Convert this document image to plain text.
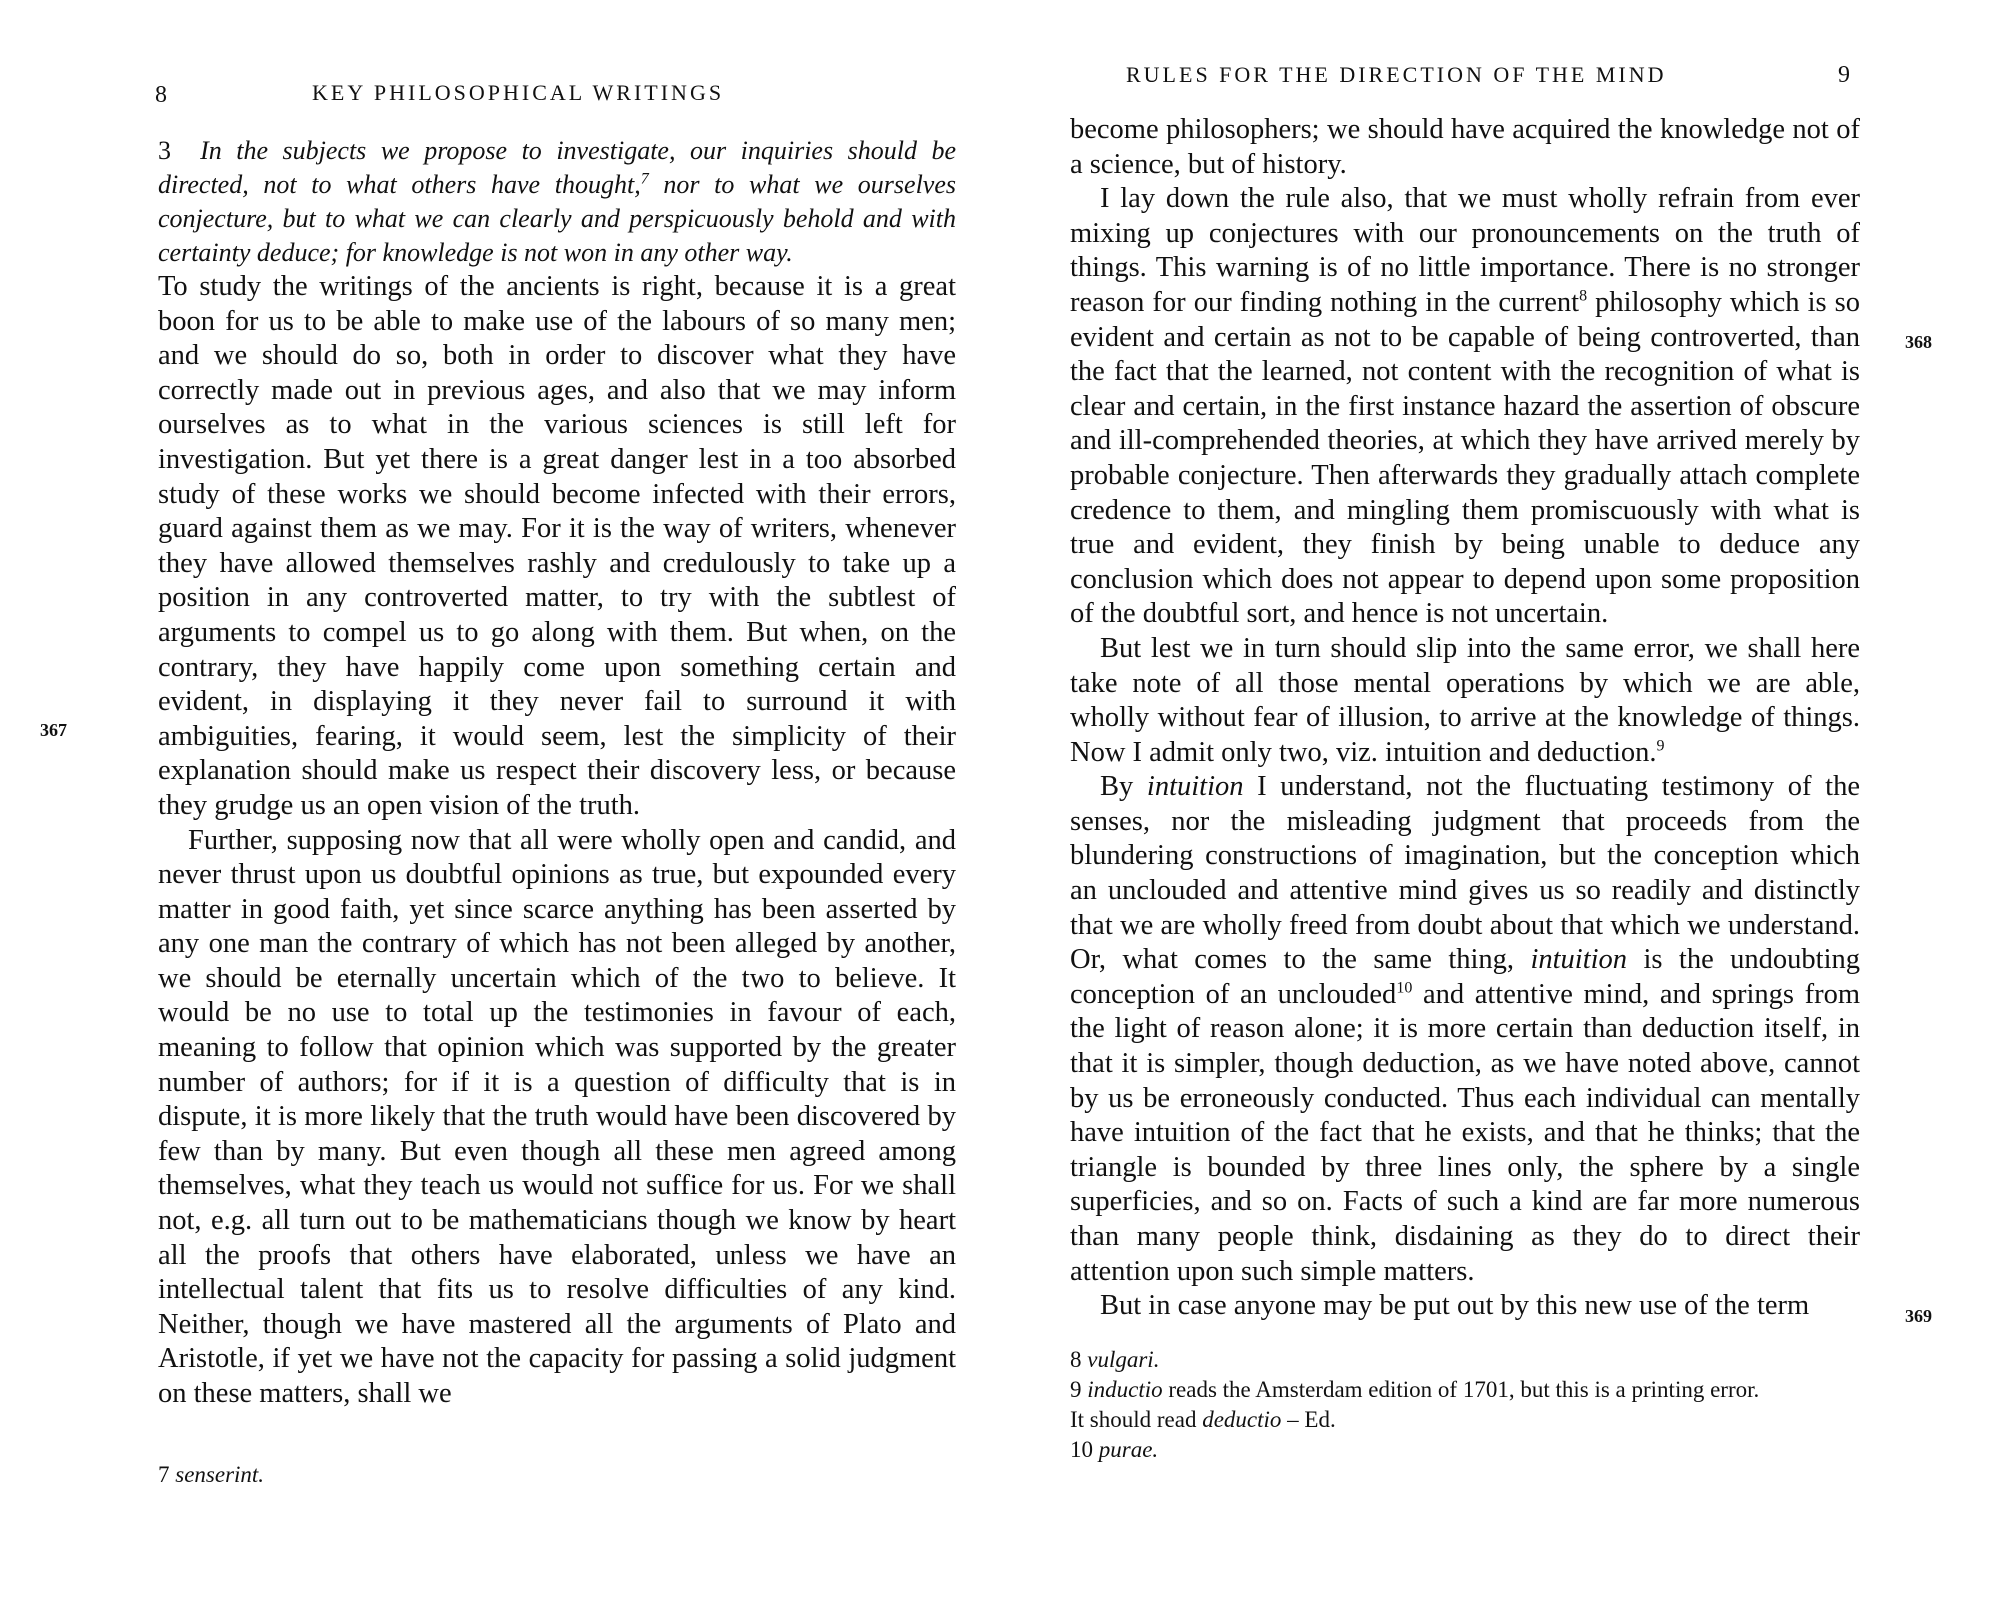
8	KEY PHILOSOPHICAL WRITINGS

3 In the subjects we propose to investigate, our inquiries should be directed, not to what others have thought,$^7$ nor to what we ourselves conjecture, but to what we can clearly and perspicuously behold and with certainty deduce; for knowledge is not won in any other way.

To study the writings of the ancients is right, because it is a great boon for us to be able to make use of the labours of so many men; and we should do so, both in order to discover what they have correctly made out in previous ages, and also that we may inform ourselves as to what in the various sciences is still left for investigation. But yet there is a great danger lest in a too absorbed study of these works we should become infected with their errors, guard against them as we may. For it is the way of writers, whenever they have allowed themselves rashly and credulously to take up a position in any controverted matter, to try with the subtlest of arguments to compel us to go along with them. But when, on the contrary, they have happily come upon something certain and evident, in displaying it they never fail to surround it with ambiguities, fearing, it would seem, lest the simplicity of their explanation should make us respect their discovery less, or because they grudge us an open vision of the truth.

Further, supposing now that all were wholly open and candid, and never thrust upon us doubtful opinions as true, but expounded every matter in good faith, yet since scarce anything has been asserted by any one man the contrary of which has not been alleged by another, we should be eternally uncertain which of the two to believe. It would be no use to total up the testimonies in favour of each, meaning to follow that opinion which was supported by the greater number of authors; for if it is a question of difficulty that is in dispute, it is more likely that the truth would have been discovered by few than by many. But even though all these men agreed among themselves, what they teach us would not suffice for us. For we shall not, e.g. all turn out to be mathematicians though we know by heart all the proofs that others have elaborated, unless we have an intellectual talent that fits us to resolve difficulties of any kind. Neither, though we have mastered all the arguments of Plato and Aristotle, if yet we have not the capacity for passing a solid judgment on these matters, shall we

367
7 senserint.
RULES FOR THE DIRECTION OF THE MIND	9

become philosophers; we should have acquired the knowledge not of a science, but of history.

I lay down the rule also, that we must wholly refrain from ever mixing up conjectures with our pronouncements on the truth of things. This warning is of no little importance. There is no stronger reason for our finding nothing in the current$^8$ philosophy which is so evident and certain as not to be capable of being controverted, than the fact that the learned, not content with the recognition of what is clear and certain, in the first instance hazard the assertion of obscure and ill-comprehended theories, at which they have arrived merely by probable conjecture. Then afterwards they gradually attach complete credence to them, and mingling them promiscuously with what is true and evident, they finish by being unable to deduce any conclusion which does not appear to depend upon some proposition of the doubtful sort, and hence is not uncertain.

But lest we in turn should slip into the same error, we shall here take note of all those mental operations by which we are able, wholly without fear of illusion, to arrive at the knowledge of things. Now I admit only two, viz. intuition and deduction.$^9$

By intuition I understand, not the fluctuating testimony of the senses, nor the misleading judgment that proceeds from the blundering constructions of imagination, but the conception which an unclouded and attentive mind gives us so readily and distinctly that we are wholly freed from doubt about that which we understand. Or, what comes to the same thing, intuition is the undoubting conception of an unclouded$^{10}$ and attentive mind, and springs from the light of reason alone; it is more certain than deduction itself, in that it is simpler, though deduction, as we have noted above, cannot by us be erroneously conducted. Thus each individual can mentally have intuition of the fact that he exists, and that he thinks; that the triangle is bounded by three lines only, the sphere by a single superficies, and so on. Facts of such a kind are far more numerous than many people think, disdaining as they do to direct their attention upon such simple matters.

But in case anyone may be put out by this new use of the term

368
369
8 vulgari.
9 inductio reads the Amsterdam edition of 1701, but this is a printing error.
It should read deductio – Ed.
10 purae.
